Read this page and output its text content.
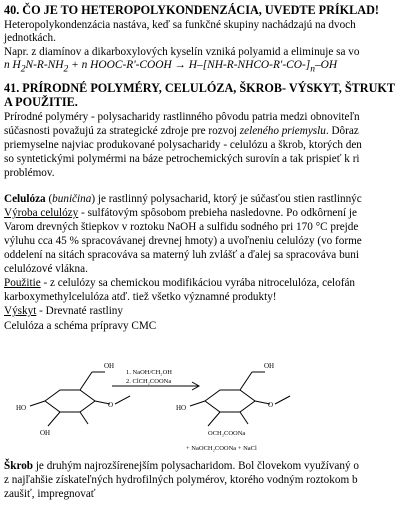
40. ČO JE TO HETEROPOLYKONDENZÁCIA, UVEDTE PRÍKLAD!
Heteropolykondenzácia nastáva, keď sa funkčné skupiny nachádzajú na dvoch
jednotkách.
Napr. z diamínov a dikarboxylových kyselín vzniká polyamid a eliminuje sa vo
n $H_2N-R-NH_2 + n$ HOOC-R'-COOH → $H-[NH-R-NHCO-R'-CO-]_n-OH$
41. PRÍRODNÉ POLYMÉRY, CELULÓZA, ŠKROB- VÝSKYT, ŠTRUKT
A POUŽITIE.
Prírodné polyméry - polysacharidy rastlinného pôvodu patria medzi obnoviteľn
súčasnosti považujú za strategické zdroje pre rozvoj zeleného priemyslu. Dôraz
priemyselne najviac produkované polysacharidy - celulózu a škrob, ktorých den
so syntetickými polymérmi na báze petrochemických surovín a tak prispieť k ri
problémov.
Celulóza (buničina) je rastlinný polysacharid, ktorý je súčasťou stien rastlinnýc
Výroba celulózy - sulfátovým spôsobom prebieha nasledovne. Po odkôrnení je
Varom drevných štiepkov v roztoku NaOH a sulfidu sodného pri 170 °C prejde
výluhu cca 45 % spracovávanej drevnej hmoty) a uvoľneniu celulózy (vo forme
oddelení na sitách spracováva sa materný luh zvlášť a ďalej sa spracováva buni
celulózové vlákna.
Použitie - z celulózy sa chemickou modifikáciou vyrába nitrocelulóza, celofán
karboxymethylcelulóza atď. tiež všetko významné produkty!
Výskyt - Drevnaté rastliny
Celulóza a schéma prípravy CMC
OH
HO	O
OH
1. NaOH/CH₂OH
2. ClCH₂COONa
OH
HO	O
OCH₂COONa
+ NaOCH₂COONa + NaCl
Škrob je druhým najrozšírenejším polysacharidom. Bol človekom využívaný o
z najľahšie získateľných hydrofilných polymérov, ktorého vodným roztokom b
zaušiť, impregnovať
